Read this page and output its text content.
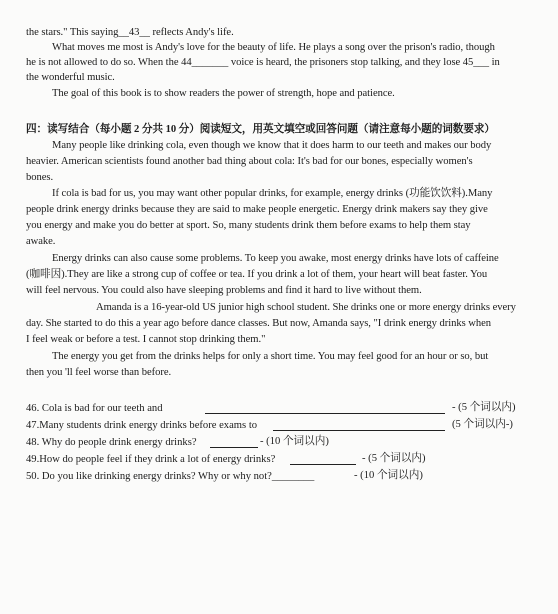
the stars." This saying__43__ reflects Andy's life.
What moves me most is Andy's love for the beauty of life. He plays a song over the prison's radio, though
he is not allowed to do so. When the 44_______ voice is heard, the prisoners stop talking, and they lose 45___ in
the wonderful music.
The goal of this book is to show readers the power of strength, hope and patience.
四：读写结合（每小题 2 分共 10 分）阅读短文，用英文填空或回答问题（请注意每小题的词数要求）
Many people like drinking cola, even though we know that it does harm to our teeth and makes our body
heavier. American scientists found another bad thing about cola: It's bad for our bones, especially women's
bones.
If cola is bad for us, you may want other popular drinks, for example, energy drinks (功能饮饮料).Many
people drink energy drinks because they are said to make people energetic. Energy drink makers say they give
you energy and make you do better at sport. So, many students drink them before exams to help them stay
awake.
Energy drinks can also cause some problems. To keep you awake, most energy drinks have lots of caffeine
(咖啡因).They are like a strong cup of coffee or tea. If you drink a lot of them, your heart will beat faster. You
will feel nervous. You could also have sleeping problems and find it hard to live without them.
Amanda is a 16-year-old US junior high school student. She drinks one or more energy drinks every
day. She started to do this a year ago before dance classes. But now, Amanda says, "I drink energy drinks when
I feel weak or before a test. I cannot stop drinking them."
The energy you get from the drinks helps for only a short time. You may feel good for an hour or so, but
then you 'll feel worse than before.
46. Cola is bad for our teeth and	- (5 个词以内)
47.Many students drink energy drinks before exams to	(5 个词以内-)
48. Why do people drink energy drinks?	- (10 个词以内)
49.How do people feel if they drink a lot of energy drinks?	- (5 个词以内)
50. Do you like drinking energy drinks? Why or why not?________	- (10 个词以内)
